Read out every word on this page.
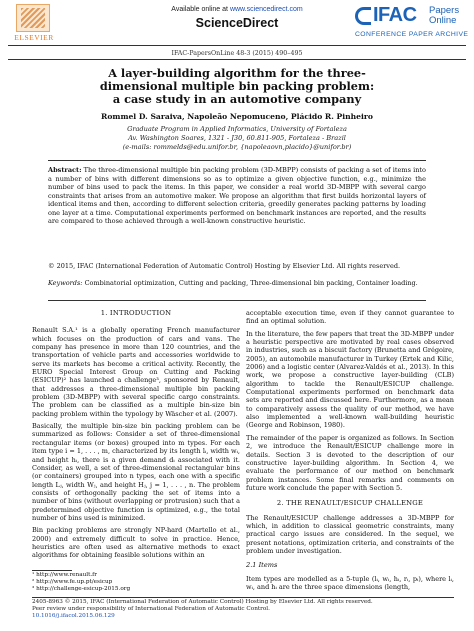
ELSEVIER
Available online at www.sciencedirect.com
ScienceDirect	IFAC Papers
Online
CONFERENCE PAPER ARCHIVE
IFAC-PapersOnLine 48-3 (2015) 490–495
A layer-building algorithm for the three-
dimensional multiple bin packing problem:
a case study in an automotive company
Rommel D. Saraiva, Napoleão Nepomuceno, Plácido R. Pinheiro
Graduate Program in Applied Informatics, University of Fortaleza
Av. Washington Soares, 1321 - J30, 60.811-905, Fortaleza - Brazil
(e-mails: rommelds@edu.unifor.br, {napoleaovn,placido}@unifor.br)
Abstract: The three-dimensional multiple bin packing problem (3D-MBPP) consists of packing a set of items into a number of bins with different dimensions so as to optimize a given objective function, e.g., minimize the number of bins used to pack the items. In this paper, we consider a real world 3D-MBPP with several cargo constraints that arises from an automotive maker. We propose an algorithm that first builds horizontal layers of identical items and then, according to different selection criteria, greedily generates packing patterns by loading one layer at a time. Computational experiments performed on benchmark instances are reported, and the results are compared to those achieved through a well-known constructive heuristic.
© 2015, IFAC (International Federation of Automatic Control) Hosting by Elsevier Ltd. All rights reserved.
Keywords: Combinatorial optimization, Cutting and packing, Three-dimensional bin packing, Container loading.
1. INTRODUCTION

Renault S.A.¹ is a globally operating French manufacturer which focuses on the production of cars and vans. The company has presence in more than 120 countries, and the transportation of vehicle parts and accessories worldwide to serve its markets has become a critical activity. Recently, the EURO Special Interest Group on Cutting and Packing (ESICUP)² has launched a challenge³, sponsored by Renault, that addresses a three-dimensional multiple bin packing problem (3D-MBPP) with several specific cargo constraints. The problem can be classified as a multiple bin-size bin packing problem within the typology by Wäscher et al. (2007).

Basically, the multiple bin-size bin packing problem can be summarized as follows: Consider a set of three-dimensional rectangular items (or boxes) grouped into m types. For each item type i = 1, . . . , m, characterized by its length lᵢ, width wᵢ, and height hᵢ, there is a given demand dᵢ associated with it. Consider, as well, a set of three-dimensional rectangular bins (or containers) grouped into n types, each one with a specific length Lⱼ, width Wⱼ, and height Hⱼ, j = 1, . . . , n. The problem consists of orthogonally packing the set of items into a number of bins (without overlapping or protrusion) such that a predetermined objective function is optimized, e.g., the total number of bins used is minimized.

Bin packing problems are strongly NP-hard (Martello et al., 2000) and extremely difficult to solve in practice. Hence, heuristics are often used as alternative methods to exact algorithms for obtaining feasible solutions within an

¹ http://www.renault.fr
² http://www.fe.up.pt/esicup
³ http://challenge-esicup-2015.org

acceptable execution time, even if they cannot guarantee to find an optimal solution.

In the literature, the few papers that treat the 3D-MBPP under a heuristic perspective are motivated by real cases observed in industries, such as a biscuit factory (Brunetta and Grégoire, 2005), an automobile manufacturer in Turkey (Ertek and Kilic, 2006) and a logistic center (Alvarez-Valdés et al., 2013). In this work, we propose a constructive layer-building (CLB) algorithm to tackle the Renault/ESICUP challenge. Computational experiments performed on benchmark data sets are reported and discussed here. Furthermore, as a mean to comparatively assess the quality of our method, we have also implemented a well-known wall-building heuristic (George and Robinson, 1980).

The remainder of the paper is organized as follows. In Section 2, we introduce the Renault/ESICUP challenge more in details. Section 3 is devoted to the description of our constructive layer-building algorithm. In Section 4, we evaluate the performance of our method on benchmark problem instances. Some final remarks and comments on future work conclude the paper with Section 5.

2. THE RENAULT/ESICUP CHALLENGE

The Renault/ESICUP challenge addresses a 3D-MBPP for which, in addition to classical geometric constraints, many practical cargo issues are considered. In the sequel, we present notations, optimization criteria, and constraints of the problem under investigation.

2.1 Items

Item types are modelled as a 5-tuple (lᵢ, wᵢ, hᵢ, rᵢ, pᵢ), where lᵢ, wᵢ, and hᵢ are the three space dimensions (length,

2405-8963 © 2015, IFAC (International Federation of Automatic Control) Hosting by Elsevier Ltd. All rights reserved.
Peer review under responsibility of International Federation of Automatic Control.
10.1016/j.ifacol.2015.06.129
